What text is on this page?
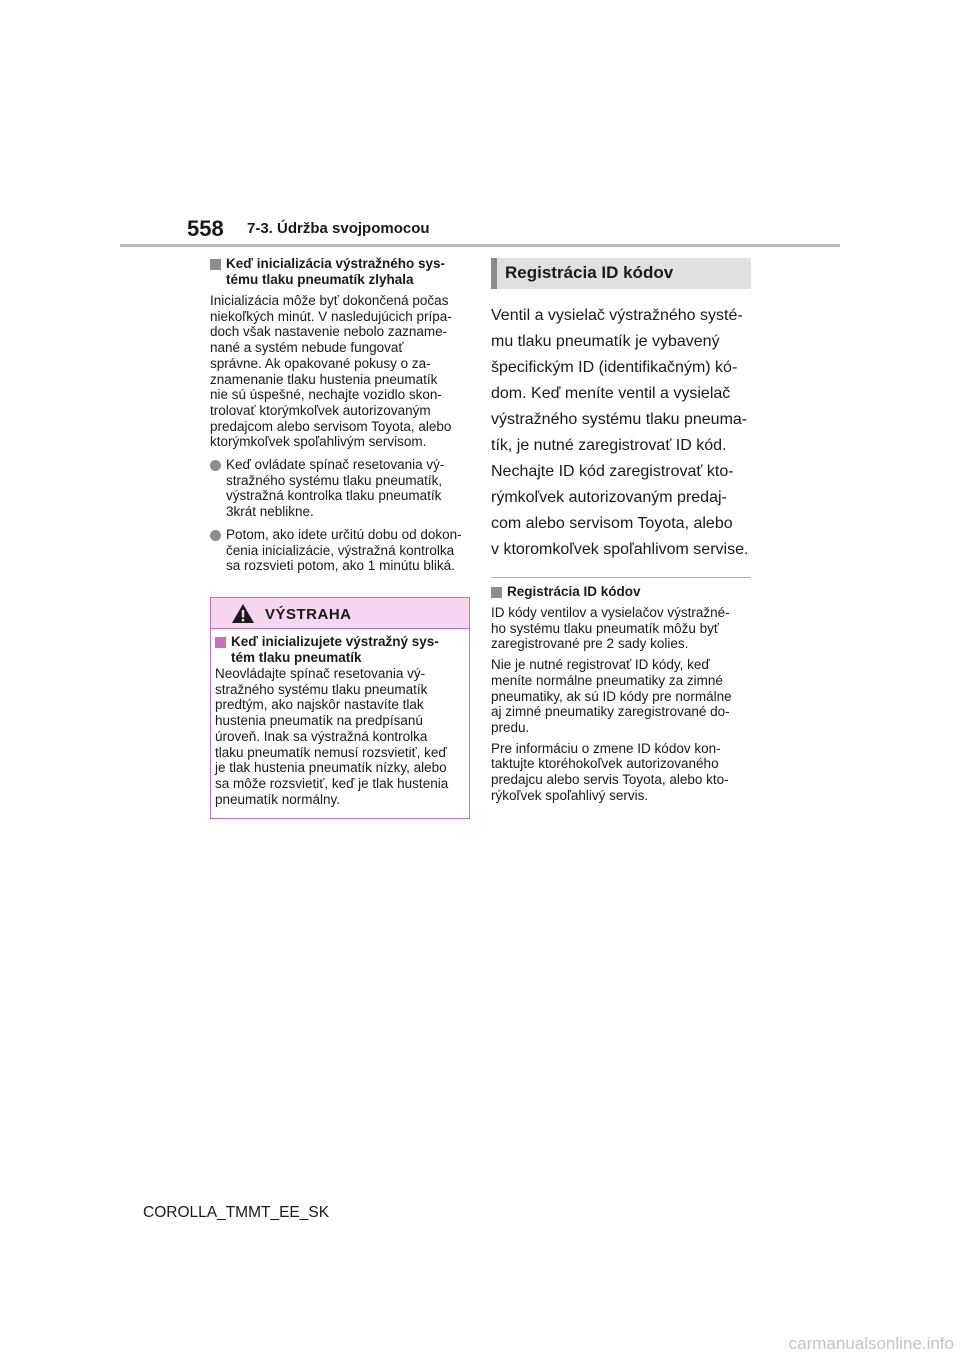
558 7-3. Údržba svojpomocou
Keď inicializácia výstražného sys-
tému tlaku pneumatík zlyhala
Inicializácia môže byť dokončená počas
niekoľkých minút. V nasledujúcich prípa-
doch však nastavenie nebolo zazname-
nané a systém nebude fungovať
správne. Ak opakované pokusy o za-
znamenanie tlaku hustenia pneumatík
nie sú úspešné, nechajte vozidlo skon-
trolovať ktorýmkoľvek autorizovaným
predajcom alebo servisom Toyota, alebo
ktorýmkoľvek spoľahlivým servisom.
Keď ovládate spínač resetovania vý-
stražného systému tlaku pneumatík,
výstražná kontrolka tlaku pneumatík
3krát neblikne.
Potom, ako idete určitú dobu od dokon-
čenia inicializácie, výstražná kontrolka
sa rozsvieti potom, ako 1 minútu bliká.
VÝSTRAHA
Keď inicializujete výstražný sys-
tém tlaku pneumatík
Neovládajte spínač resetovania vý-
stražného systému tlaku pneumatík
predtým, ako najskôr nastavíte tlak
hustenia pneumatík na predpísanú
úroveň. Inak sa výstražná kontrolka
tlaku pneumatík nemusí rozsvietiť, keď
je tlak hustenia pneumatík nízky, alebo
sa môže rozsvietiť, keď je tlak hustenia
pneumatík normálny.
Registrácia ID kódov
Ventil a vysielač výstražného systé-
mu tlaku pneumatík je vybavený
špecifickým ID (identifikačným) kó-
dom. Keď meníte ventil a vysielač
výstražného systému tlaku pneuma-
tík, je nutné zaregistrovať ID kód.
Nechajte ID kód zaregistrovať kto-
rýmkoľvek autorizovaným predaj-
com alebo servisom Toyota, alebo
v ktoromkoľvek spoľahlivom servise.
Registrácia ID kódov
ID kódy ventilov a vysielačov výstražné-
ho systému tlaku pneumatík môžu byť
zaregistrované pre 2 sady kolies.
Nie je nutné registrovať ID kódy, keď
meníte normálne pneumatiky za zimné
pneumatiky, ak sú ID kódy pre normálne
aj zimné pneumatiky zaregistrované do-
predu.
Pre informáciu o zmene ID kódov kon-
taktujte ktoréhokoľvek autorizovaného
predajcu alebo servis Toyota, alebo kto-
rýkoľvek spoľahlivý servis.
COROLLA_TMMT_EE_SK
carmanualsonline.info
